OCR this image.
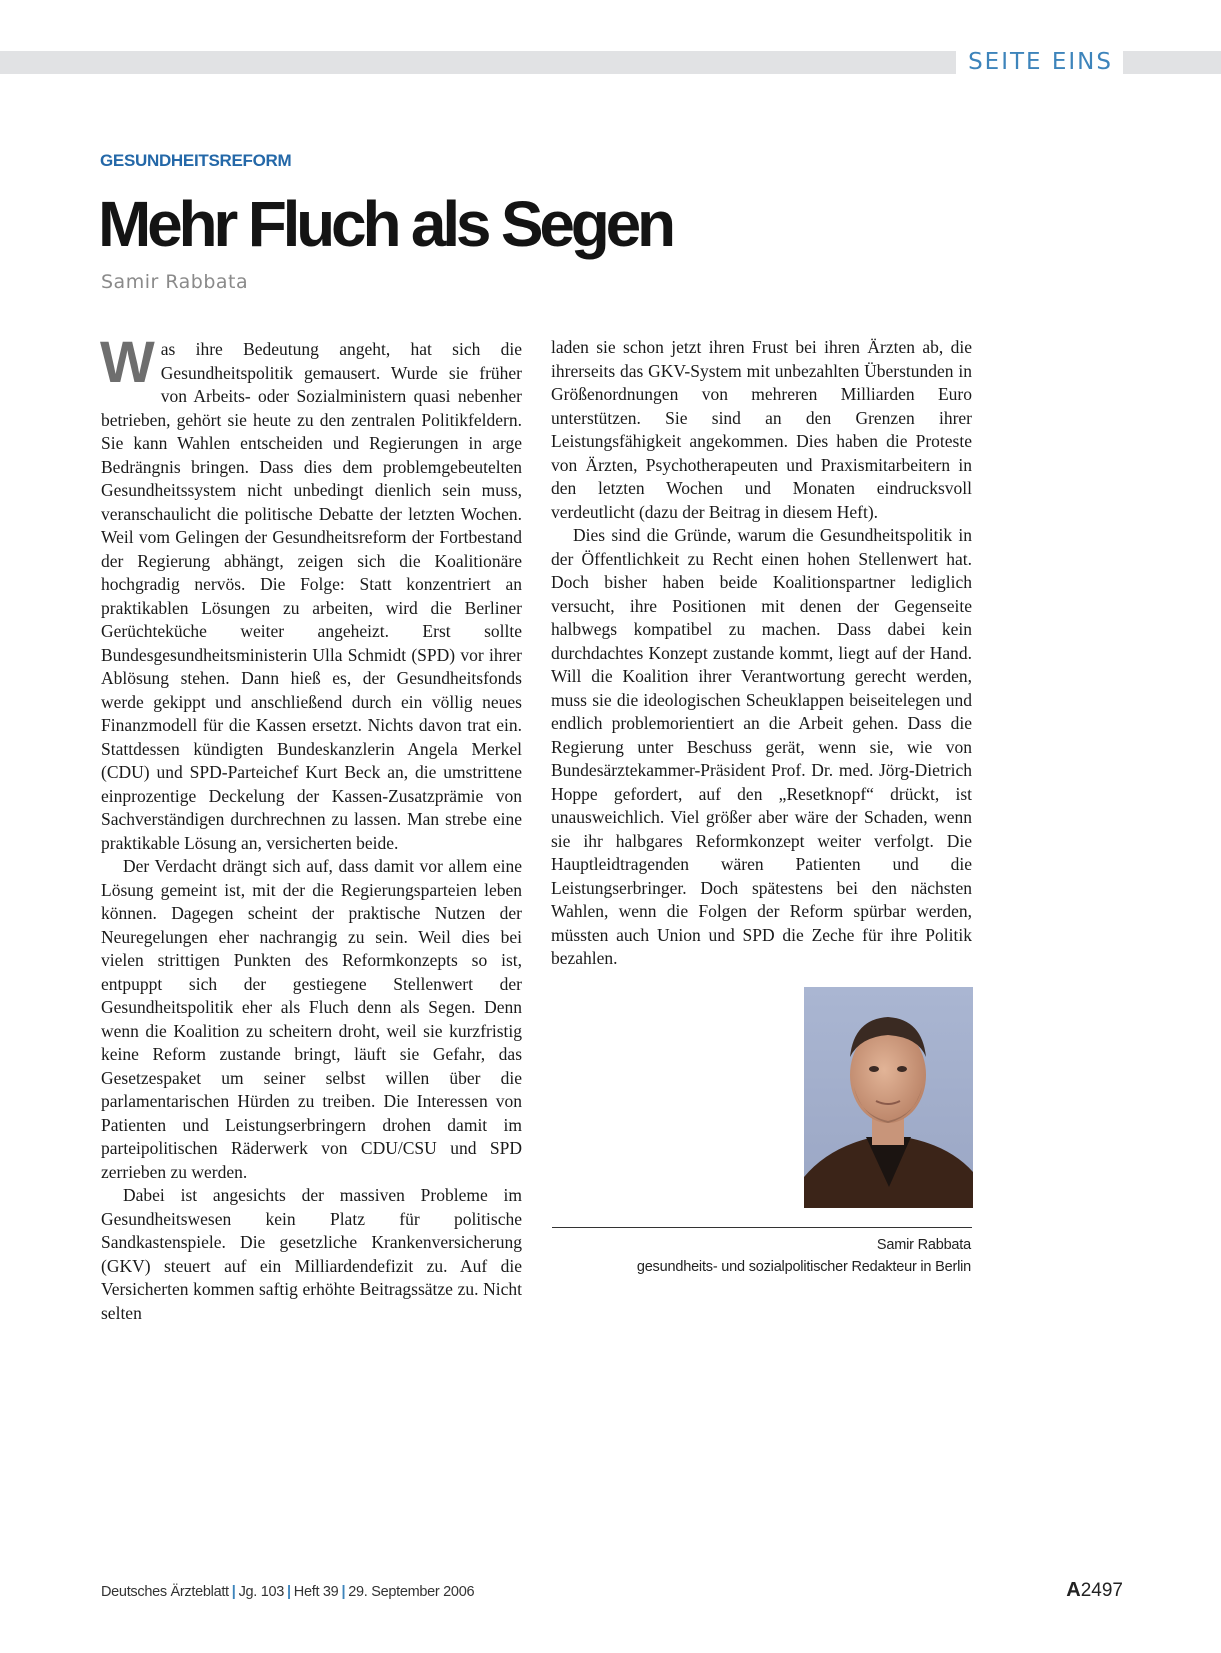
SEITE EINS
GESUNDHEITSREFORM
Mehr Fluch als Segen
Samir Rabbata

Was ihre Bedeutung angeht, hat sich die Gesundheitspolitik gemausert. Wurde sie früher von Arbeits- oder Sozialministern quasi nebenher betrieben, gehört sie heute zu den zentralen Politikfeldern. Sie kann Wahlen entscheiden und Regierungen in arge Bedrängnis bringen. Dass dies dem problemgebeutelten Gesundheitssystem nicht unbedingt dienlich sein muss, veranschaulicht die politische Debatte der letzten Wochen. Weil vom Gelingen der Gesundheitsreform der Fortbestand der Regierung abhängt, zeigen sich die Koalitionäre hochgradig nervös. Die Folge: Statt konzentriert an praktikablen Lösungen zu arbeiten, wird die Berliner Gerüchteküche weiter angeheizt. Erst sollte Bundesgesundheitsministerin Ulla Schmidt (SPD) vor ihrer Ablösung stehen. Dann hieß es, der Gesundheitsfonds werde gekippt und anschließend durch ein völlig neues Finanzmodell für die Kassen ersetzt. Nichts davon trat ein. Stattdessen kündigten Bundeskanzlerin Angela Merkel (CDU) und SPD-Parteichef Kurt Beck an, die umstrittene einprozentige Deckelung der Kassen-Zusatzprämie von Sachverständigen durchrechnen zu lassen. Man strebe eine praktikable Lösung an, versicherten beide.

Der Verdacht drängt sich auf, dass damit vor allem eine Lösung gemeint ist, mit der die Regierungsparteien leben können. Dagegen scheint der praktische Nutzen der Neuregelungen eher nachrangig zu sein. Weil dies bei vielen strittigen Punkten des Reformkonzepts so ist, entpuppt sich der gestiegene Stellenwert der Gesundheitspolitik eher als Fluch denn als Segen. Denn wenn die Koalition zu scheitern droht, weil sie kurzfristig keine Reform zustande bringt, läuft sie Gefahr, das Gesetzespaket um seiner selbst willen über die parlamentarischen Hürden zu treiben. Die Interessen von Patienten und Leistungserbringern drohen damit im parteipolitischen Räderwerk von CDU/CSU und SPD zerrieben zu werden.

Dabei ist angesichts der massiven Probleme im Gesundheitswesen kein Platz für politische Sandkastenspiele. Die gesetzliche Krankenversicherung (GKV) steuert auf ein Milliardendefizit zu. Auf die Versicherten kommen saftig erhöhte Beitragssätze zu. Nicht selten

laden sie schon jetzt ihren Frust bei ihren Ärzten ab, die ihrerseits das GKV-System mit unbezahlten Überstunden in Größenordnungen von mehreren Milliarden Euro unterstützen. Sie sind an den Grenzen ihrer Leistungsfähigkeit angekommen. Dies haben die Proteste von Ärzten, Psychotherapeuten und Praxismitarbeitern in den letzten Wochen und Monaten eindrucksvoll verdeutlicht (dazu der Beitrag in diesem Heft).

Dies sind die Gründe, warum die Gesundheitspolitik in der Öffentlichkeit zu Recht einen hohen Stellenwert hat. Doch bisher haben beide Koalitionspartner lediglich versucht, ihre Positionen mit denen der Gegenseite halbwegs kompatibel zu machen. Dass dabei kein durchdachtes Konzept zustande kommt, liegt auf der Hand. Will die Koalition ihrer Verantwortung gerecht werden, muss sie die ideologischen Scheuklappen beiseitelegen und endlich problemorientiert an die Arbeit gehen. Dass die Regierung unter Beschuss gerät, wenn sie, wie von Bundesärztekammer-Präsident Prof. Dr. med. Jörg-Dietrich Hoppe gefordert, auf den „Resetknopf“ drückt, ist unausweichlich. Viel größer aber wäre der Schaden, wenn sie ihr halbgares Reformkonzept weiter verfolgt. Die Hauptleidtragenden wären Patienten und die Leistungserbringer. Doch spätestens bei den nächsten Wahlen, wenn die Folgen der Reform spürbar werden, müssten auch Union und SPD die Zeche für ihre Politik bezahlen.

Samir Rabbata
gesundheits- und sozialpolitischer Redakteur in Berlin
Deutsches Ärzteblatt | Jg. 103 | Heft 39 | 29. September 2006	A2497
